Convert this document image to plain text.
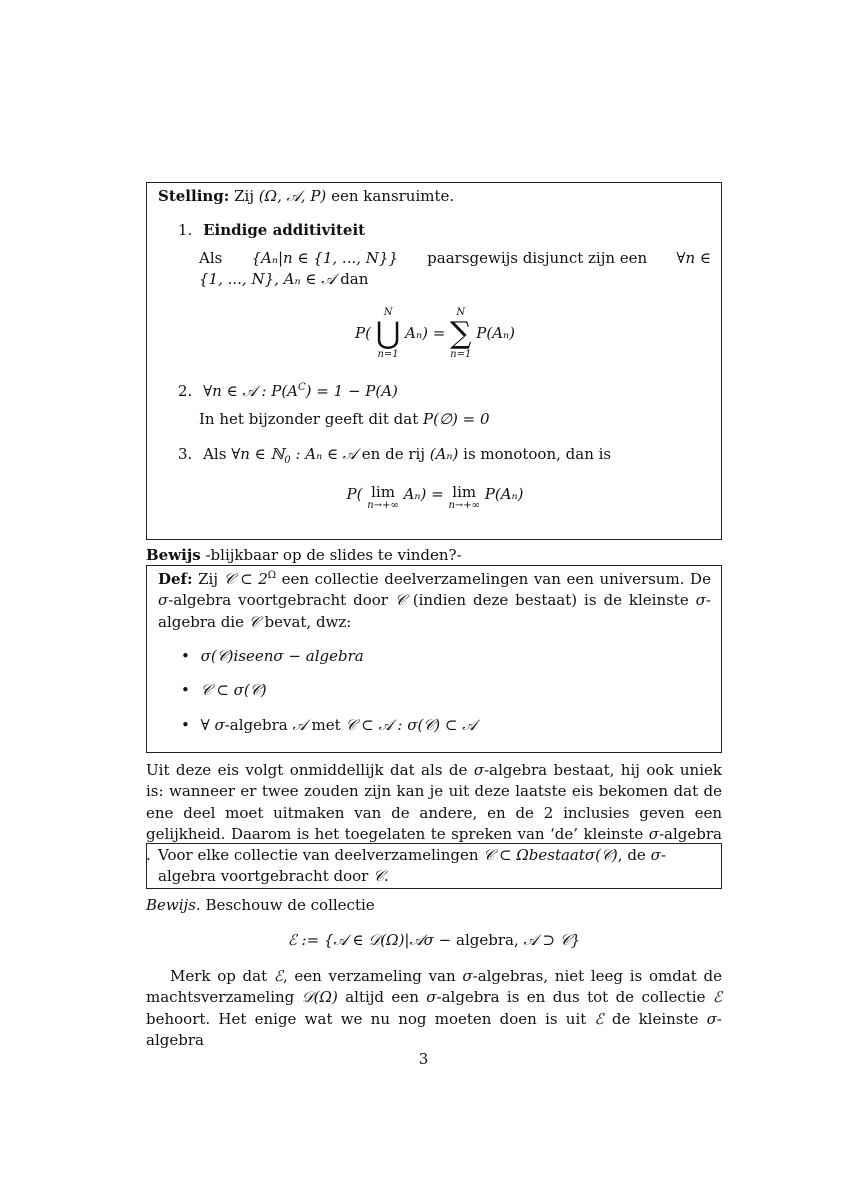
Stelling: Zij (Ω, 𝒜, P) een kansruimte.
1. Eindige additiviteit
Als {Aₙ|n ∈ {1, ..., N}} paarsgewijs disjunct zijn een ∀n ∈
{1, ..., N}, Aₙ ∈ 𝒜 dan
P(
N
⋃
n=1
Aₙ) =
N
∑
n=1
P(Aₙ)
2. ∀n ∈ 𝒜 : $P(A^C) = 1 - P(A)$
In het bijzonder geeft dit dat P(∅) = 0
3. Als ∀n ∈ ℕ$_0$ : Aₙ ∈ 𝒜 en de rij (Aₙ) is monotoon, dan is
P( lim
n→+∞
Aₙ) = lim
n→+∞
P(Aₙ)
Bewijs -blijkbaar op de slides te vinden?-
Def: Zij 𝒞 ⊂ $2^\Omega$ een collectie deelverzamelingen van een universum. De σ-algebra voortgebracht door 𝒞 (indien deze bestaat) is de kleinste σ-algebra die 𝒞 bevat, dwz:
• σ(𝒞)iseenσ − algebra
• 𝒞 ⊂ σ(𝒞)
• ∀ σ-algebra 𝒜 met 𝒞 ⊂ 𝒜 : σ(𝒞) ⊂ 𝒜
Uit deze eis volgt onmiddellijk dat als de σ-algebra bestaat, hij ook uniek is: wanneer er twee zouden zijn kan je uit deze laatste eis bekomen dat de ene deel moet uitmaken van de andere, en de 2 inclusies geven een gelijkheid. Daarom is het toegelaten te spreken van ‘de’ kleinste σ-algebra . Voor elke collectie van deelverzamelingen 𝒞 ⊂ Ωbestaatσ(𝒞), de σ-algebra voortgebracht door 𝒞.
Bewijs. Beschouw de collectie
ℰ := {𝒜 ∈ 𝒟(Ω)|𝒜σ − algebra, 𝒜 ⊃ 𝒞}
Merk op dat ℰ, een verzameling van σ-algebras, niet leeg is omdat de machtsverzameling 𝒟(Ω) altijd een σ-algebra is en dus tot de collectie ℰ behoort. Het enige wat we nu nog moeten doen is uit ℰ de kleinste σ-algebra
3
